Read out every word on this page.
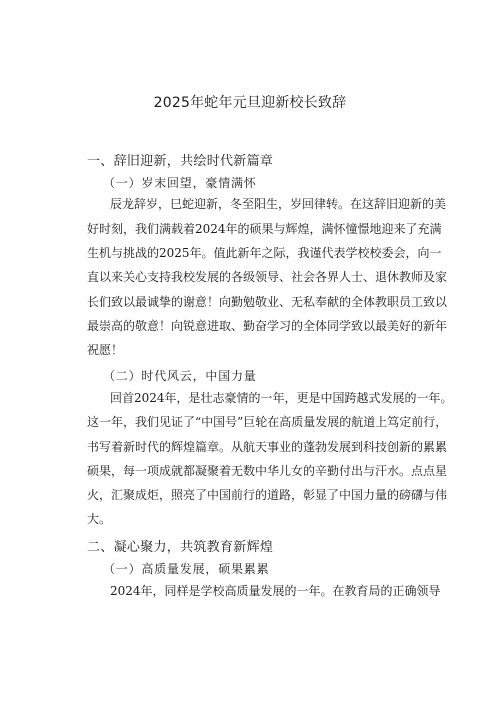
2025年蛇年元旦迎新校长致辞
一、辞旧迎新，共绘时代新篇章
（一）岁末回望，豪情满怀
辰龙辞岁，巳蛇迎新，冬至阳生，岁回律转。在这辞旧迎新的美
好时刻，我们满载着2024年的硕果与辉煌，满怀憧憬地迎来了充满
生机与挑战的2025年。值此新年之际，我谨代表学校校委会，向一
直以来关心支持我校发展的各级领导、社会各界人士、退休教师及家
长们致以最诚挚的谢意！向勤勉敬业、无私奉献的全体教职员工致以
最崇高的敬意！向锐意进取、勤奋学习的全体同学致以最美好的新年
祝愿！
（二）时代风云，中国力量
回首2024年，是壮志豪情的一年，更是中国跨越式发展的一年。
这一年，我们见证了“中国号”巨轮在高质量发展的航道上笃定前行，
书写着新时代的辉煌篇章。从航天事业的蓬勃发展到科技创新的累累
硕果，每一项成就都凝聚着无数中华儿女的辛勤付出与汗水。点点星
火，汇聚成炬，照亮了中国前行的道路，彰显了中国力量的磅礴与伟
大。
二、凝心聚力，共筑教育新辉煌
（一）高质量发展，硕果累累
2024年，同样是学校高质量发展的一年。在教育局的正确领导
